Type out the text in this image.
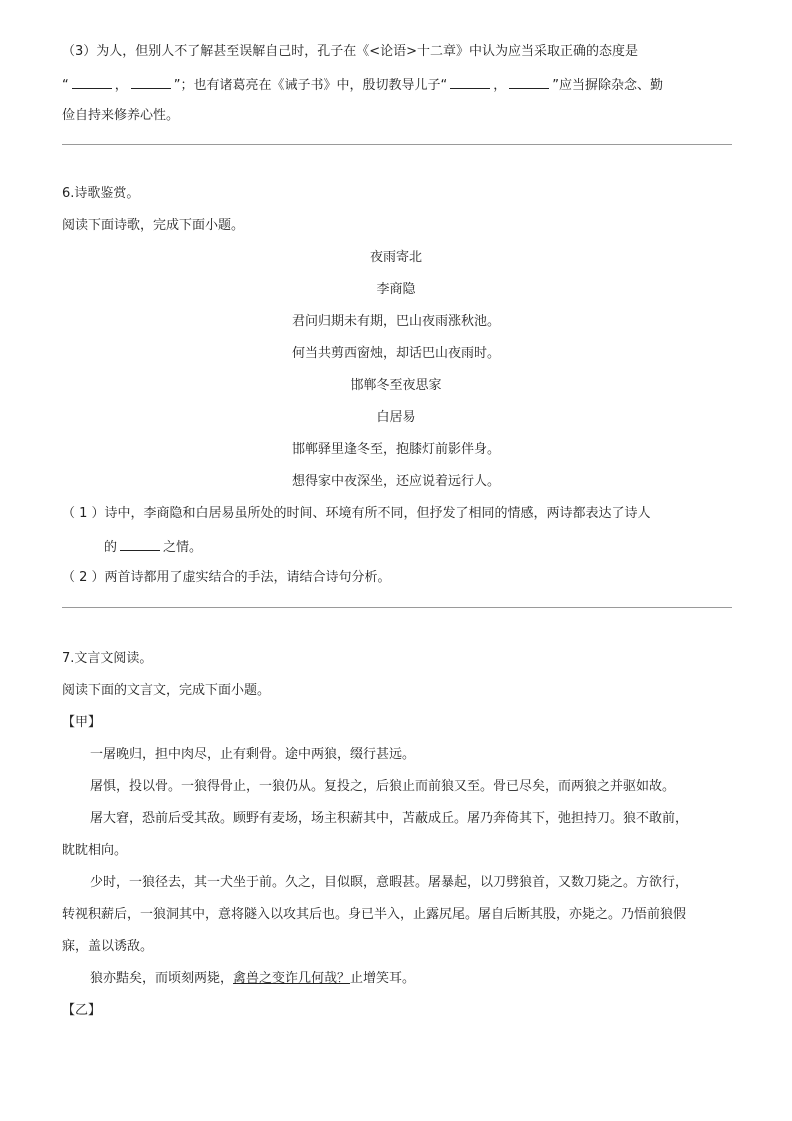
（3）为人，但别人不了解甚至误解自己时，孔子在《<论语>十二章》中认为应当采取正确的态度是
“	，	”；也有诸葛亮在《诫子书》中，殷切教导儿子“	，	”应当摒除杂念、勤
俭自持来修养心性。
6.诗歌鉴赏。
阅读下面诗歌，完成下面小题。
夜雨寄北
李商隐
君问归期未有期，巴山夜雨涨秋池。
何当共剪西窗烛，却话巴山夜雨时。
邯郸冬至夜思家
白居易
邯郸驿里逢冬至，抱膝灯前影伴身。
想得家中夜深坐，还应说着远行人。
（ 1 ）诗中，李商隐和白居易虽所处的时间、环境有所不同，但抒发了相同的情感，两诗都表达了诗人
的	之情。
（ 2 ）两首诗都用了虚实结合的手法，请结合诗句分析。
7.文言文阅读。
阅读下面的文言文，完成下面小题。
【甲】
一屠晚归，担中肉尽，止有剩骨。途中两狼，缀行甚远。
屠惧，投以骨。一狼得骨止，一狼仍从。复投之，后狼止而前狼又至。骨已尽矣，而两狼之并驱如故。
屠大窘，恐前后受其敌。顾野有麦场，场主积薪其中，苫蔽成丘。屠乃奔倚其下，弛担持刀。狼不敢前，
眈眈相向。
少时，一狼径去，其一犬坐于前。久之，目似瞑，意暇甚。屠暴起，以刀劈狼首，又数刀毙之。方欲行，
转视积薪后，一狼洞其中，意将隧入以攻其后也。身已半入，止露尻尾。屠自后断其股，亦毙之。乃悟前狼假
寐，盖以诱敌。
狼亦黠矣，而顷刻两毙，禽兽之变诈几何哉？止增笑耳。
【乙】
